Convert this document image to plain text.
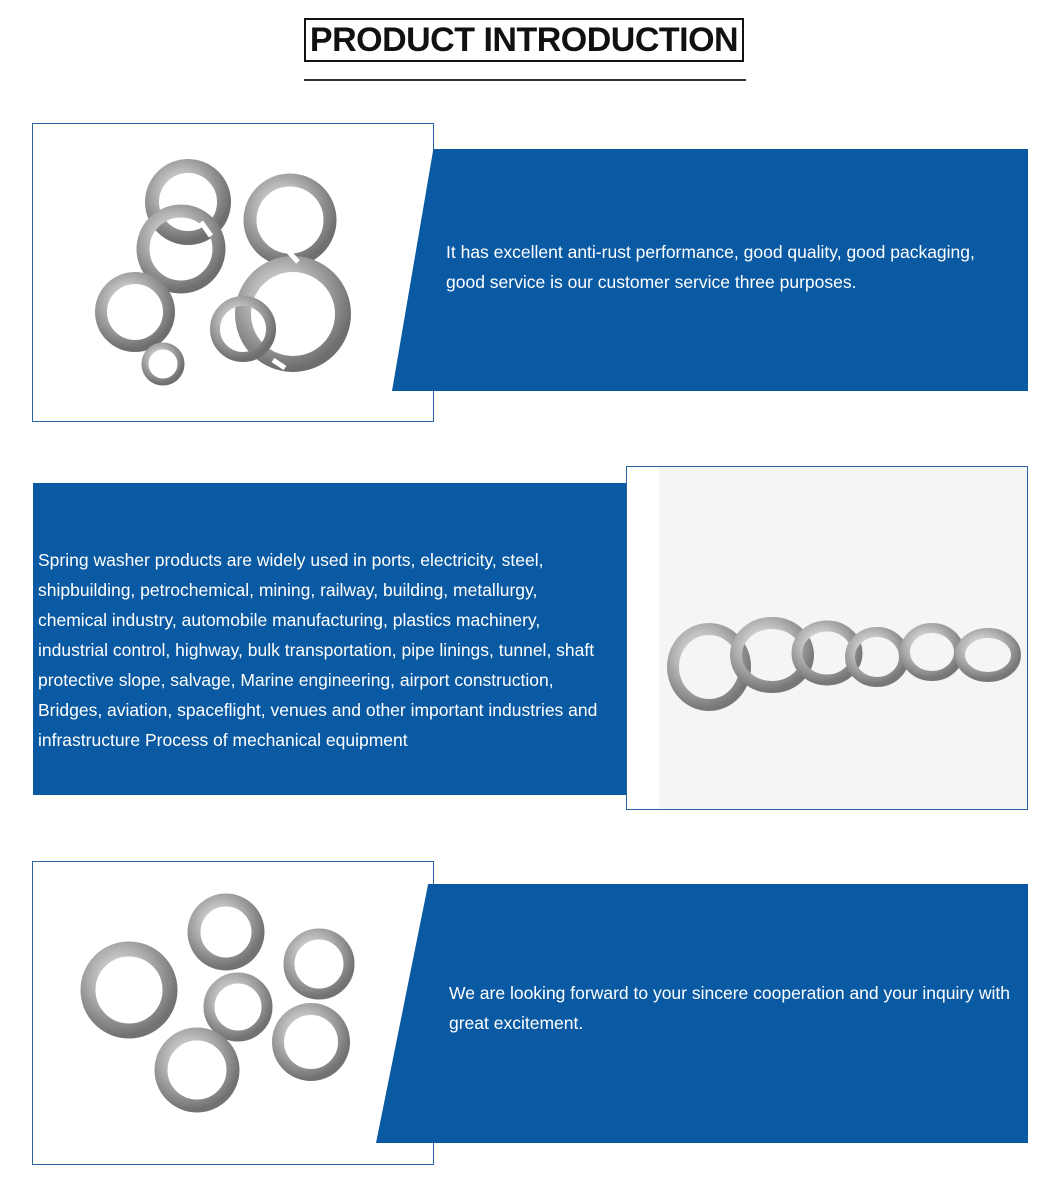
PRODUCT INTRODUCTION
It has excellent anti-rust performance, good quality, good packaging, good service is our customer service three purposes.
Spring washer products are widely used in ports, electricity, steel, shipbuilding, petrochemical, mining, railway, building, metallurgy, chemical industry, automobile manufacturing, plastics machinery, industrial control, highway, bulk transportation, pipe linings, tunnel, shaft protective slope, salvage, Marine engineering, airport construction, Bridges, aviation, spaceflight, venues and other important industries and infrastructure Process of mechanical equipment
We are looking forward to your sincere cooperation and your inquiry with great excitement.
